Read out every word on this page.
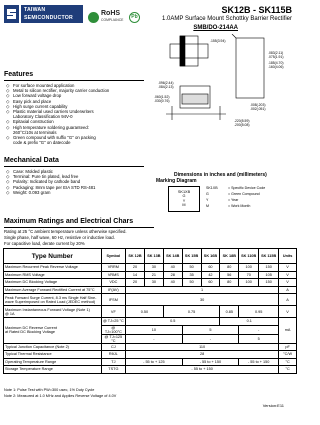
TAIWAN
SEMICONDUCTOR
RoHS
COMPLIANCE	Pb
SK12B - SK115B
1.0AMP Surface Mount Schottky Barrier Rectifier
SMB/DO-214AA
.155(3.94)
.185(4.70)
.160(4.06)
.083(2.11)
.075(1.91)
.096(2.44)
.084(2.13)
.060(1.52)
.030(0.76)
.008(.203)
.002(.051)
.220(5.59)
.200(5.08)
Features
◇ For surface mounted application
◇ Metal to silicon rectifier, majority carrier conduction
◇ Low forward voltage drop
◇ Easy pick and place
◇ High surge current capability
◇ Plastic material used carriers Underwriters
Laboratory Classification 94V-0
◇ Epitaxial construction
◇ High temperature soldering guaranteed:
260°C/10s at terminals
◇ Green compound with suffix "G" on packing
code & prefix "G" on datecode
Mechanical Data
◇ Case: Molded plastic
◇ Terminal: Pure tin plated, lead free
◇ Polarity: Indicated by cathode band
◇ Packaging: 8mm tape per EIA STD RS-481
◇ Weight: 0.093 gram
Dimensions in inches and (millimeters)
Marking Diagram
SK1XB
G
Y
M
SK1XB	= Specific Device Code
G	= Green Compound
Y	= Year
M	= Work Month
Maximum Ratings and Electrical Chars
Rating at 25 °C ambient temperature unless otherwise specified.
Single phase, half wave, 60 Hz, resistive or inductive load.
For capacitive load, derate current by 20%
Type Number	Symbol	SK 12B	SK 13B	SK 14B	SK 15B	SK 16B	SK 18B	SK 110B	SK 115B	Units
Maximum Recurrent Peak Reverse Voltage	VRRM	20	30	40	50	60	80	100	150	V
Maximum RMS Voltage	VRMS	14	21	28	35	42	56	70	105	V
Maximum DC Blocking Voltage	VDC	20	30	40	50	60	80	100	150	V
Maximum Average Forward Rectified Current at 75°C	IF(AV)	1								A

Peak Forward Surge Current, 8.3 ms Single Half Sine-
wave Superimposed on Rated Load (JEDEC method)	IFSM	30								A

Maximum Instantaneous Forward Voltage (Note 1)
@ 1A	VF	0.50		0.75			0.85	0.95		V

Maximum DC Reverse Current
at Rated DC Blocking Voltage	@ TJ=25 °C	0.5					0.1			mA
	@ TJ=100°C	10			5			-		
	@ TJ=125 °C	-			-			5		
Typical Junction Capacitance (Note 2)	CJ	110								pF
Typical Thermal Resistance	RθJL	28								°C/W
Operating Temperature Range	TJ	- 55 to + 125			- 55 to + 150			- 55 to + 150		°C
Storage Temperature Range	TSTG	- 55 to + 150								°C
Note 1: Pulse Test with PW=300 usec, 1% Duty Cycle
Note 2: Measured at 1.0 MHz and Applies Reverse Voltage of 4.0V
Version:E11
